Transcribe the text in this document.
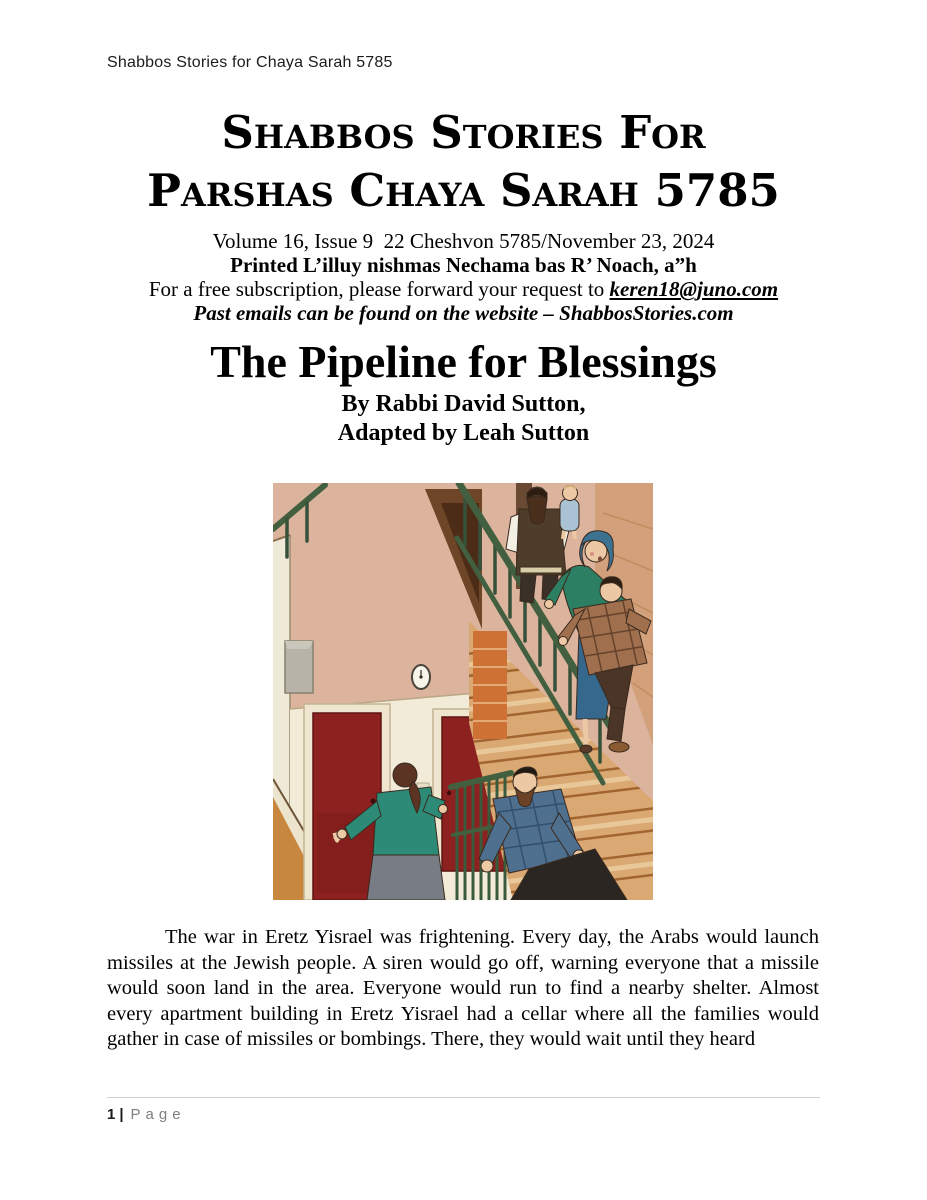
Shabbos Stories for Chaya Sarah 5785
Shabbos Stories For
Parshas Chaya Sarah 5785
Volume 16, Issue 9  22 Cheshvon 5785/November 23, 2024
Printed L’illuy nishmas Nechama bas R’ Noach, a”h
For a free subscription, please forward your request to keren18@juno.com
Past emails can be found on the website – ShabbosStories.com
The Pipeline for Blessings
By Rabbi David Sutton,
Adapted by Leah Sutton
The war in Eretz Yisrael was frightening. Every day, the Arabs would launch missiles at the Jewish people. A siren would go off, warning everyone that a missile would soon land in the area. Everyone would run to find a nearby shelter. Almost every apartment building in Eretz Yisrael had a cellar where all the families would gather in case of missiles or bombings. There, they would wait until they heard
1 | Page
